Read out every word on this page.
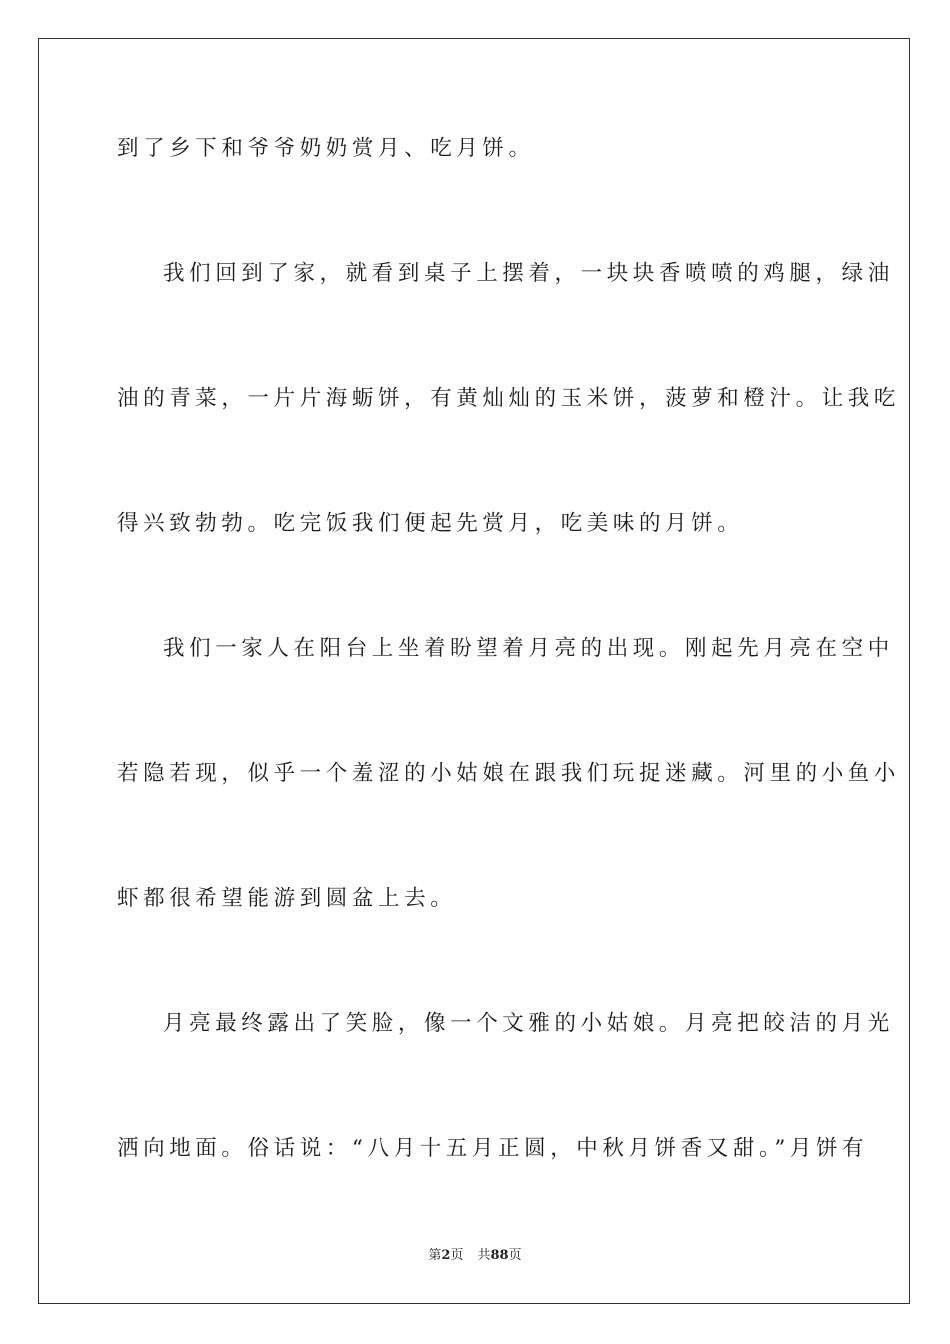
到了乡下和爷爷奶奶赏月、吃月饼。
我们回到了家，就看到桌子上摆着，一块块香喷喷的鸡腿，绿油
油的青菜，一片片海蛎饼，有黄灿灿的玉米饼，菠萝和橙汁。让我吃
得兴致勃勃。吃完饭我们便起先赏月，吃美味的月饼。
我们一家人在阳台上坐着盼望着月亮的出现。刚起先月亮在空中
若隐若现，似乎一个羞涩的小姑娘在跟我们玩捉迷藏。河里的小鱼小
虾都很希望能游到圆盆上去。
月亮最终露出了笑脸，像一个文雅的小姑娘。月亮把皎洁的月光
洒向地面。俗话说：“八月十五月正圆，中秋月饼香又甜。”月饼有
第2页 共88页
